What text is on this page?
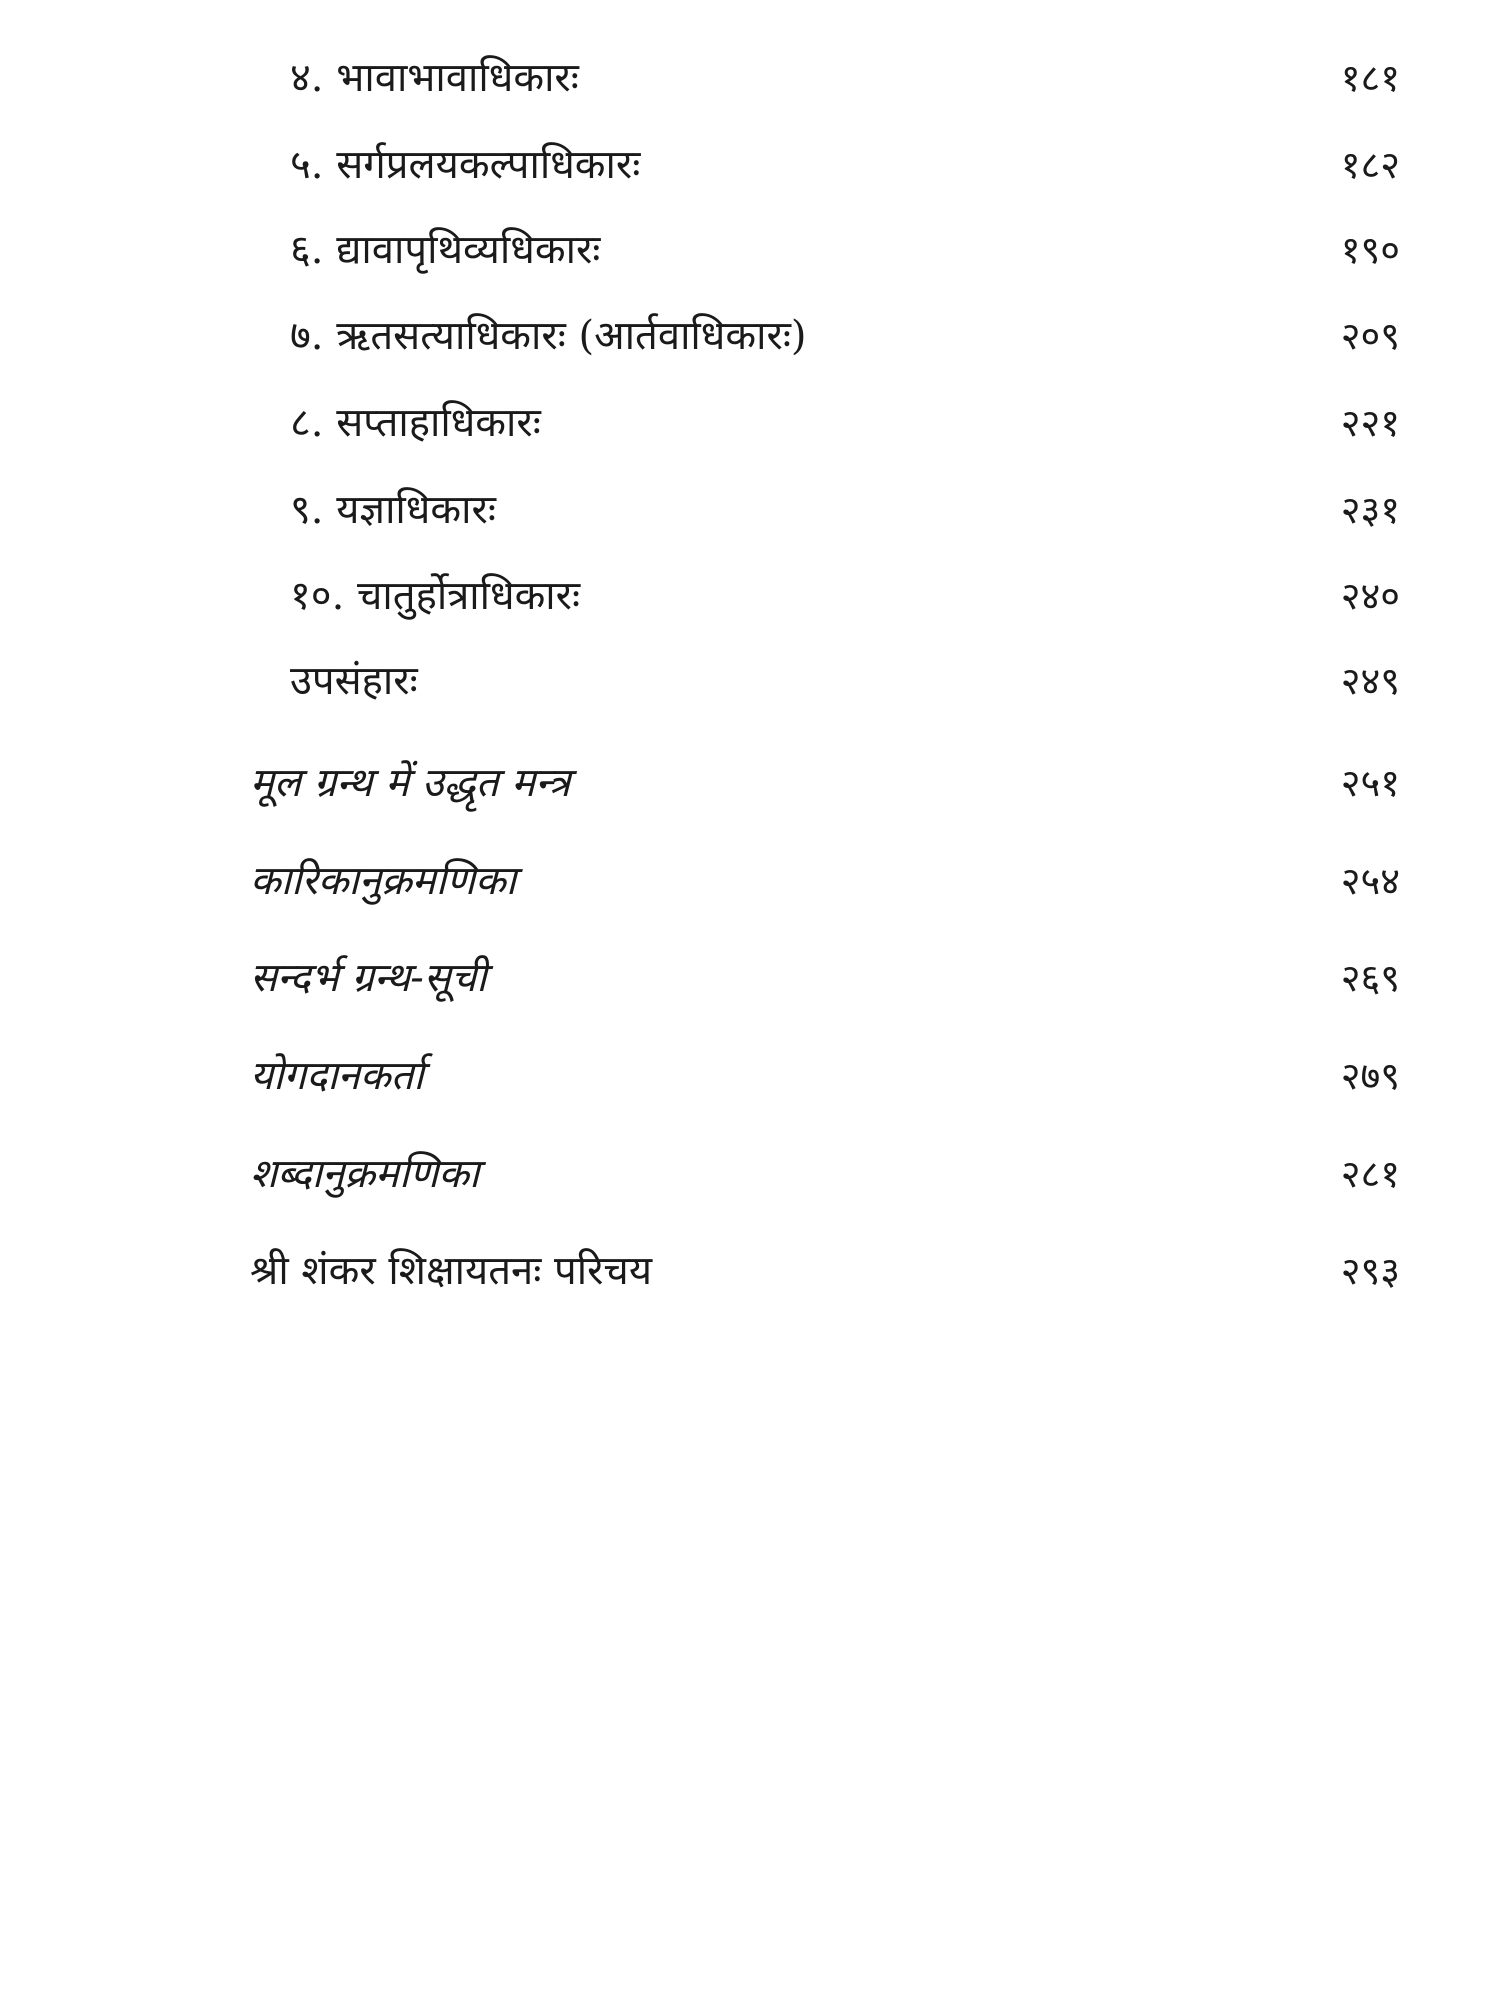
४. भावाभावाधिकारः	१८१
५. सर्गप्रलयकल्पाधिकारः	१८२
६. द्यावापृथिव्यधिकारः	१९०
७. ऋतसत्याधिकारः (आर्तवाधिकारः)	२०९
८. सप्ताहाधिकारः	२२१
९. यज्ञाधिकारः	२३१
१०. चातुर्होत्राधिकारः	२४०
उपसंहारः	२४९
मूल ग्रन्थ में उद्धृत मन्त्र	२५१
कारिकानुक्रमणिका	२५४
सन्दर्भ ग्रन्थ-सूची	२६९
योगदानकर्ता	२७९
शब्दानुक्रमणिका	२८१
श्री शंकर शिक्षायतनः परिचय	२९३
